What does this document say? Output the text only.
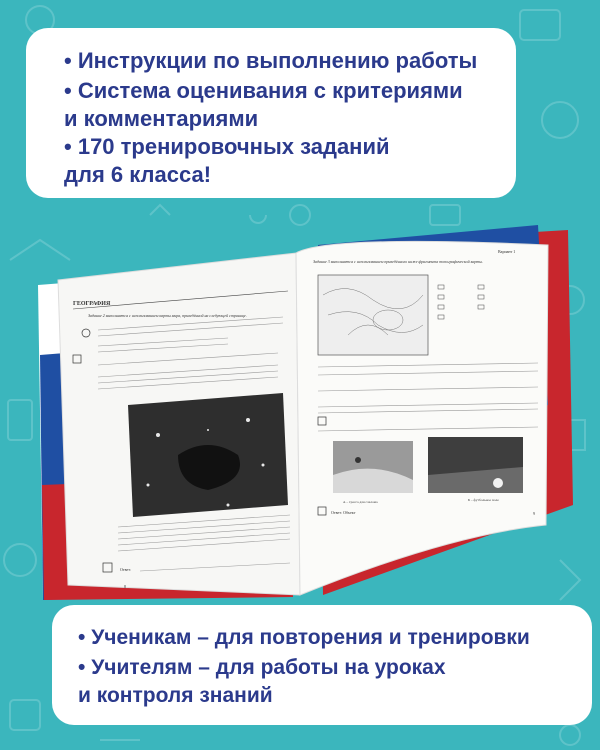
• Инструкции по выполнению работы
• Система оценивания с критериями
и комментариями
• 170 тренировочных заданий
для 6 класса!
ГЕОГРАФИЯ
Задание 2 выполняется с использованием карты мира, приведённой на следующей странице.
Ответ:
8
Вариант 1
Задание 3 выполняется с использованием приведённого ниже фрагмента топографической карты.
А – трасса для слалома	Б – футбольное поле
Ответ: Объект	9
• Ученикам – для повторения и тренировки
• Учителям – для работы на уроках
и контроля знаний
